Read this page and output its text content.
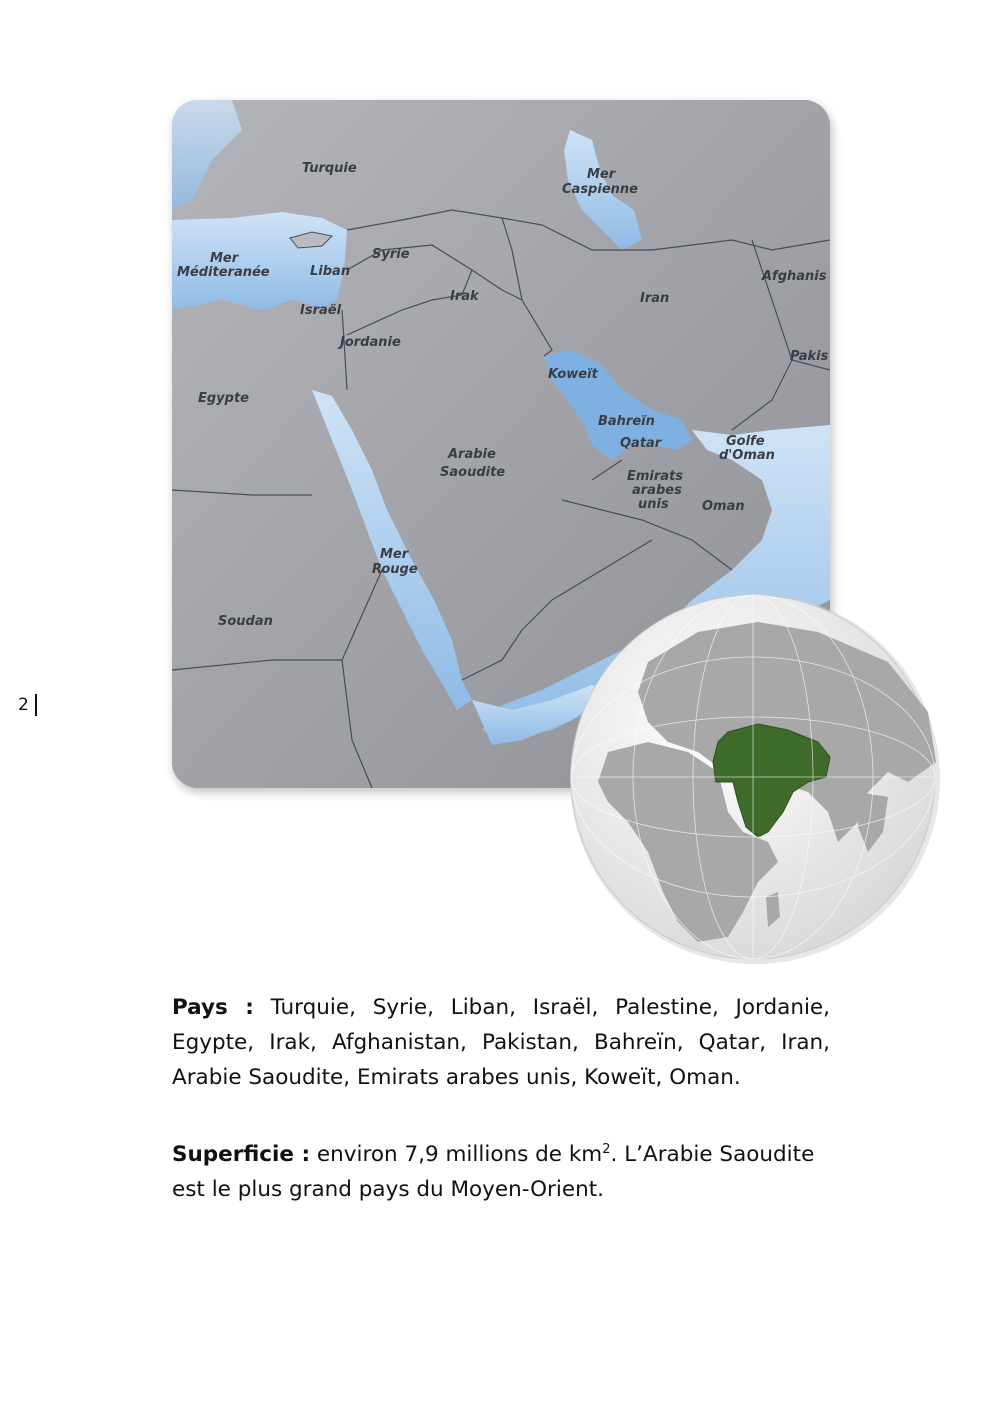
2
Turquie	Mer
Caspienne
Mer
Méditeranée
Syrie
Liban
Israël
Irak	Iran
Afghanis
Pakis
Jordanie
Koweït
Egypte
Bahreïn
Qatar	Golfe
d'Oman
Arabie
Saoudite	Emirats
arabes
unis	Oman
Mer
Rouge
Soudan

Pays : Turquie, Syrie, Liban, Israël, Palestine, Jordanie, Egypte, Irak, Afghanistan, Pakistan, Bahreïn, Qatar, Iran, Arabie Saoudite, Emirats arabes unis, Koweït, Oman.

Superficie : environ 7,9 millions de $km^2$. L’Arabie Saoudite est le plus grand pays du Moyen-Orient.
